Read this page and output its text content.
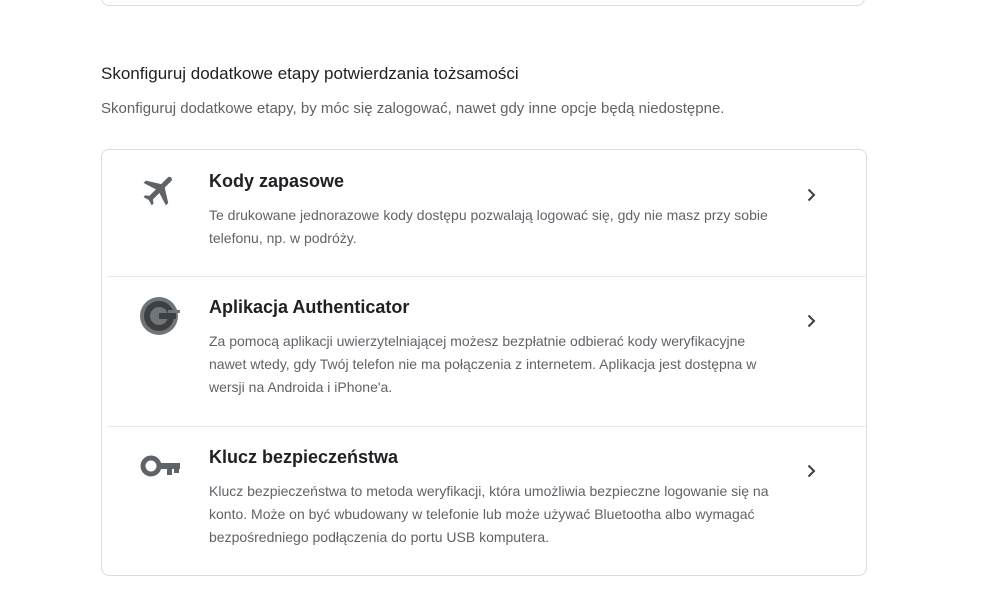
Skonfiguruj dodatkowe etapy potwierdzania tożsamości

Skonfiguruj dodatkowe etapy, by móc się zalogować, nawet gdy inne opcje będą niedostępne.

Kody zapasowe
Te drukowane jednorazowe kody dostępu pozwalają logować się, gdy nie masz przy sobie telefonu, np. w podróży.
Aplikacja Authenticator
Za pomocą aplikacji uwierzytelniającej możesz bezpłatnie odbierać kody weryfikacyjne nawet wtedy, gdy Twój telefon nie ma połączenia z internetem. Aplikacja jest dostępna w wersji na Androida i iPhone'a.
Klucz bezpieczeństwa
Klucz bezpieczeństwa to metoda weryfikacji, która umożliwia bezpieczne logowanie się na konto. Może on być wbudowany w telefonie lub może używać Bluetootha albo wymagać bezpośredniego podłączenia do portu USB komputera.
